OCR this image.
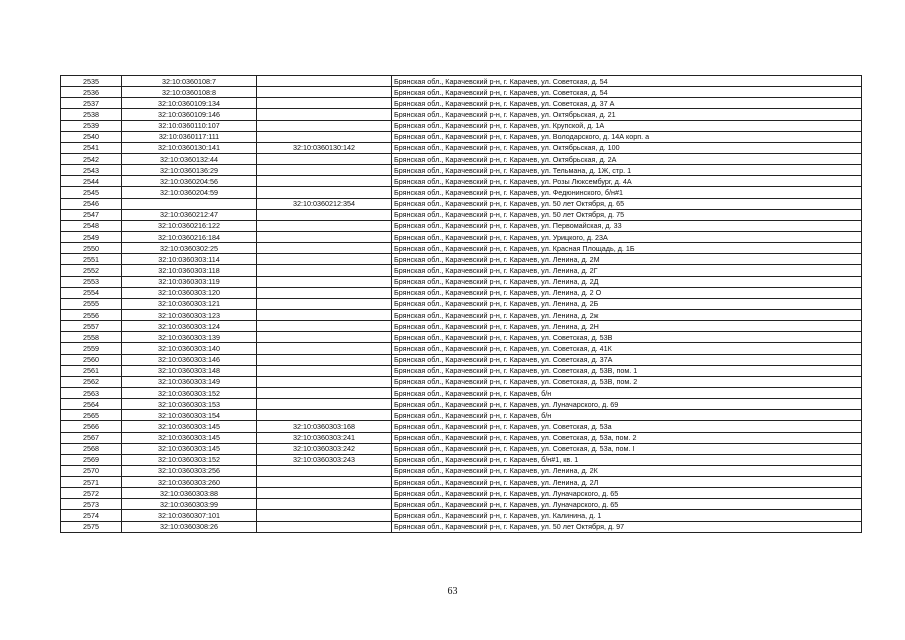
2535	32:10:0360108:7		Брянская обл., Карачевский р-н, г. Карачев, ул. Советская, д. 54
2536	32:10:0360108:8		Брянская обл., Карачевский р-н, г. Карачев, ул. Советская, д. 54
2537	32:10:0360109:134		Брянская обл., Карачевский р-н, г. Карачев, ул. Советская, д. 37 А
2538	32:10:0360109:146		Брянская обл., Карачевский р-н, г. Карачев, ул. Октябрьская, д. 21
2539	32:10:0360110:107		Брянская обл., Карачевский р-н, г. Карачев, ул. Крупской, д. 1А
2540	32:10:0360117:111		Брянская обл., Карачевский р-н, г. Карачев, ул. Володарского, д. 14А корп. а
2541	32:10:0360130:141	32:10:0360130:142	Брянская обл., Карачевский р-н, г. Карачев, ул. Октябрьская, д. 100
2542	32:10:0360132:44		Брянская обл., Карачевский р-н, г. Карачев, ул. Октябрьская, д. 2А
2543	32:10:0360136:29		Брянская обл., Карачевский р-н, г. Карачев, ул. Тельмана, д. 1Ж, стр. 1
2544	32:10:0360204:56		Брянская обл., Карачевский р-н, г. Карачев, ул. Розы Люксембург, д. 4А
2545	32:10:0360204:59		Брянская обл., Карачевский р-н, г. Карачев, ул. Федюнинского, б/н#1
2546		32:10:0360212:354	Брянская обл., Карачевский р-н, г. Карачев, ул. 50 лет Октября, д. 65
2547	32:10:0360212:47		Брянская обл., Карачевский р-н, г. Карачев, ул. 50 лет Октября, д. 75
2548	32:10:0360216:122		Брянская обл., Карачевский р-н, г. Карачев, ул. Первомайская, д. 33
2549	32:10:0360216:184		Брянская обл., Карачевский р-н, г. Карачев, ул. Урицкого, д. 23А
2550	32:10:0360302:25		Брянская обл., Карачевский р-н, г. Карачев, ул. Красная Площадь, д. 1Б
2551	32:10:0360303:114		Брянская обл., Карачевский р-н, г. Карачев, ул. Ленина, д. 2М
2552	32:10:0360303:118		Брянская обл., Карачевский р-н, г. Карачев, ул. Ленина, д. 2Г
2553	32:10:0360303:119		Брянская обл., Карачевский р-н, г. Карачев, ул. Ленина, д. 2Д
2554	32:10:0360303:120		Брянская обл., Карачевский р-н, г. Карачев, ул. Ленина, д. 2 О
2555	32:10:0360303:121		Брянская обл., Карачевский р-н, г. Карачев, ул. Ленина, д. 2Б
2556	32:10:0360303:123		Брянская обл., Карачевский р-н, г. Карачев, ул. Ленина, д. 2ж
2557	32:10:0360303:124		Брянская обл., Карачевский р-н, г. Карачев, ул. Ленина, д. 2Н
2558	32:10:0360303:139		Брянская обл., Карачевский р-н, г. Карачев, ул. Советская, д. 53В
2559	32:10:0360303:140		Брянская обл., Карачевский р-н, г. Карачев, ул. Советская, д. 41К
2560	32:10:0360303:146		Брянская обл., Карачевский р-н, г. Карачев, ул. Советская, д. 37А
2561	32:10:0360303:148		Брянская обл., Карачевский р-н, г. Карачев, ул. Советская, д. 53В, пом. 1
2562	32:10:0360303:149		Брянская обл., Карачевский р-н, г. Карачев, ул. Советская, д. 53В, пом. 2
2563	32:10:0360303:152		Брянская обл., Карачевский р-н, г. Карачев, б/н
2564	32:10:0360303:153		Брянская обл., Карачевский р-н, г. Карачев, ул. Луначарского, д. 69
2565	32:10:0360303:154		Брянская обл., Карачевский р-н, г. Карачев, б/н
2566	32:10:0360303:145	32:10:0360303:168	Брянская обл., Карачевский р-н, г. Карачев, ул. Советская, д. 53а
2567	32:10:0360303:145	32:10:0360303:241	Брянская обл., Карачевский р-н, г. Карачев, ул. Советская, д. 53а, пом. 2
2568	32:10:0360303:145	32:10:0360303:242	Брянская обл., Карачевский р-н, г. Карачев, ул. Советская, д. 53а, пом. I
2569	32:10:0360303:152	32:10:0360303:243	Брянская обл., Карачевский р-н, г. Карачев, б/н#1, кв. 1
2570	32:10:0360303:256		Брянская обл., Карачевский р-н, г. Карачев, ул. Ленина, д. 2К
2571	32:10:0360303:260		Брянская обл., Карачевский р-н, г. Карачев, ул. Ленина, д. 2Л
2572	32:10:0360303:88		Брянская обл., Карачевский р-н, г. Карачев, ул. Луначарского, д. 65
2573	32:10:0360303:99		Брянская обл., Карачевский р-н, г. Карачев, ул. Луначарского, д. 65
2574	32:10:0360307:101		Брянская обл., Карачевский р-н, г. Карачев, ул. Калинина, д. 1
2575	32:10:0360308:26		Брянская обл., Карачевский р-н, г. Карачев, ул. 50 лет Октября, д. 97
63
